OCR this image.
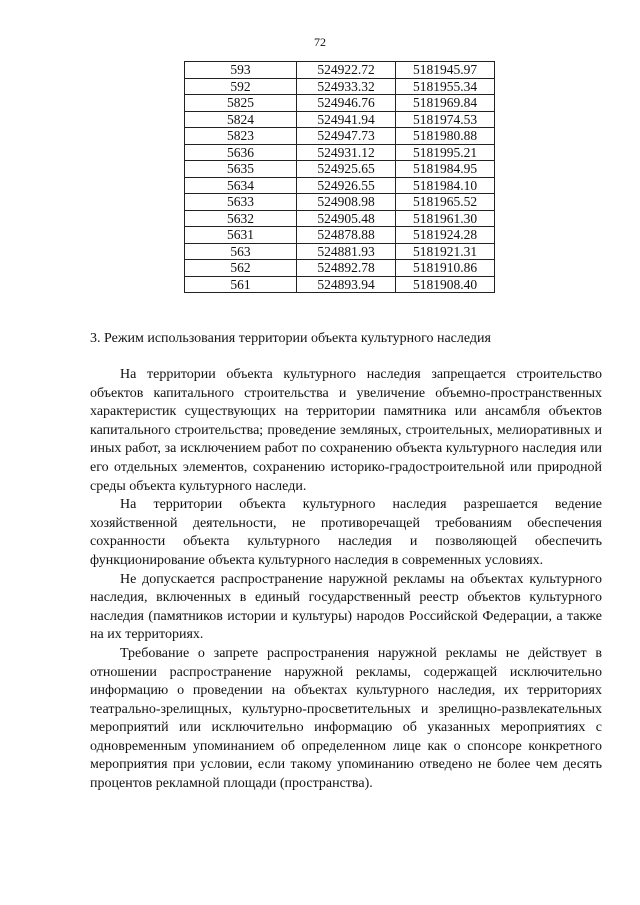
72
593	524922.72	5181945.97
592	524933.32	5181955.34
5825	524946.76	5181969.84
5824	524941.94	5181974.53
5823	524947.73	5181980.88
5636	524931.12	5181995.21
5635	524925.65	5181984.95
5634	524926.55	5181984.10
5633	524908.98	5181965.52
5632	524905.48	5181961.30
5631	524878.88	5181924.28
563	524881.93	5181921.31
562	524892.78	5181910.86
561	524893.94	5181908.40
3. Режим использования территории объекта культурного наследия

На территории объекта культурного наследия запрещается строительство объектов капитального строительства и увеличение объемно-пространственных характеристик существующих на территории памятника или ансамбля объектов капитального строительства; проведение земляных, строительных, мелиоративных и иных работ, за исключением работ по сохранению объекта культурного наследия или его отдельных элементов, сохранению историко-градостроительной или природной среды объекта культурного наследи.

На территории объекта культурного наследия разрешается ведение хозяйственной деятельности, не противоречащей требованиям обеспечения сохранности объекта культурного наследия и позволяющей обеспечить функционирование объекта культурного наследия в современных условиях.

Не допускается распространение наружной рекламы на объектах культурного наследия, включенных в единый государственный реестр объектов культурного наследия (памятников истории и культуры) народов Российской Федерации, а также на их территориях.

Требование о запрете распространения наружной рекламы не действует в отношении распространение наружной рекламы, содержащей исключительно информацию о проведении на объектах культурного наследия, их территориях театрально-зрелищных, культурно-просветительных и зрелищно-развлекательных мероприятий или исключительно информацию об указанных мероприятиях с одновременным упоминанием об определенном лице как о спонсоре конкретного мероприятия при условии, если такому упоминанию отведено не более чем десять процентов рекламной площади (пространства).
